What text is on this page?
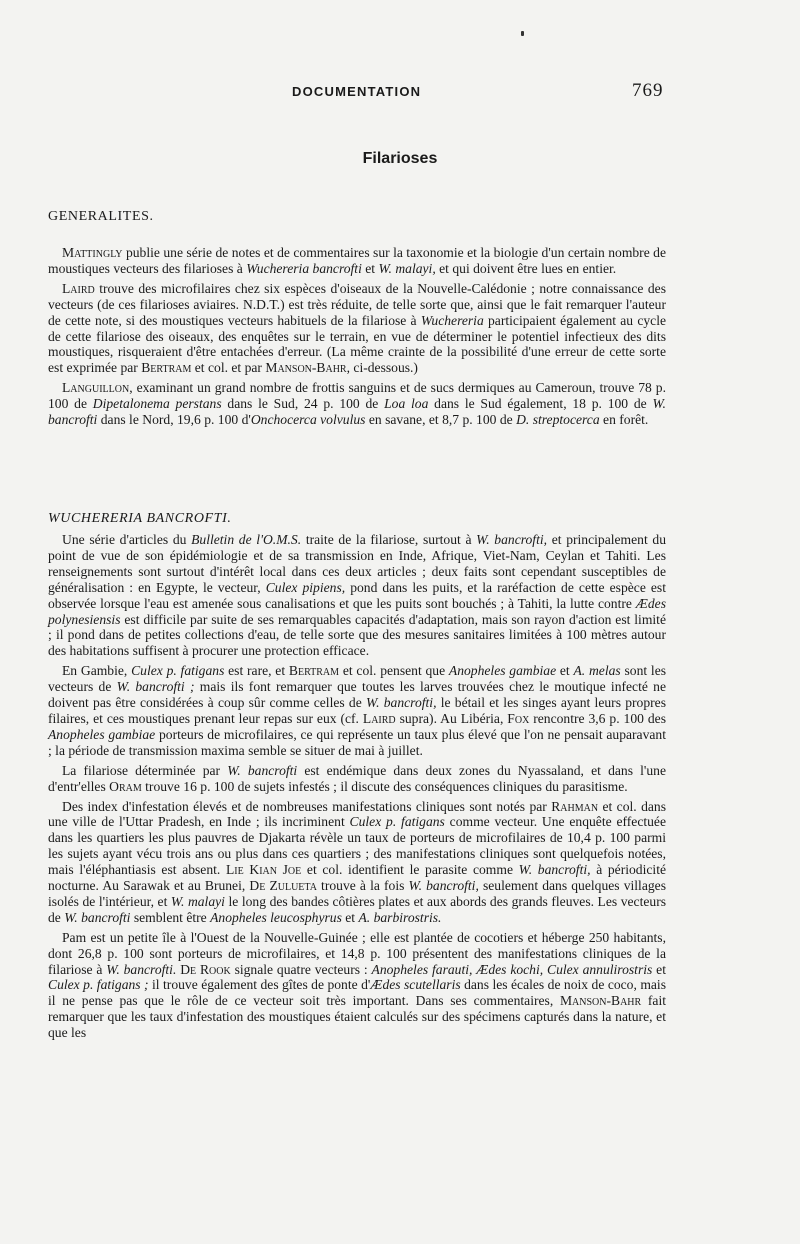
DOCUMENTATION	769
Filarioses
GENERALITES.

Mattingly publie une série de notes et de commentaires sur la taxonomie et la biologie d'un certain nombre de moustiques vecteurs des filarioses à Wuchereria bancrofti et W. malayi, et qui doivent être lues en entier.

Laird trouve des microfilaires chez six espèces d'oiseaux de la Nouvelle-Calédonie ; notre connaissance des vecteurs (de ces filarioses aviaires. N.D.T.) est très réduite, de telle sorte que, ainsi que le fait remarquer l'auteur de cette note, si des moustiques vecteurs habituels de la filariose à Wuchereria participaient également au cycle de cette filariose des oiseaux, des enquêtes sur le terrain, en vue de déterminer le potentiel infectieux des dits moustiques, risqueraient d'être entachées d'erreur. (La même crainte de la possibilité d'une erreur de cette sorte est exprimée par Bertram et col. et par Manson-Bahr, ci-dessous.)

Languillon, examinant un grand nombre de frottis sanguins et de sucs dermiques au Cameroun, trouve 78 p. 100 de Dipetalonema perstans dans le Sud, 24 p. 100 de Loa loa dans le Sud également, 18 p. 100 de W. bancrofti dans le Nord, 19,6 p. 100 d'Onchocerca volvulus en savane, et 8,7 p. 100 de D. streptocerca en forêt.

WUCHERERIA BANCROFTI.

Une série d'articles du Bulletin de l'O.M.S. traite de la filariose, surtout à W. bancrofti, et principalement du point de vue de son épidémiologie et de sa transmission en Inde, Afrique, Viet-Nam, Ceylan et Tahiti. Les renseignements sont surtout d'intérêt local dans ces deux articles ; deux faits sont cependant susceptibles de généralisation : en Egypte, le vecteur, Culex pipiens, pond dans les puits, et la raréfaction de cette espèce est observée lorsque l'eau est amenée sous canalisations et que les puits sont bouchés ; à Tahiti, la lutte contre Ædes polynesiensis est difficile par suite de ses remarquables capacités d'adaptation, mais son rayon d'action est limité ; il pond dans de petites collections d'eau, de telle sorte que des mesures sanitaires limitées à 100 mètres autour des habitations suffisent à procurer une protection efficace.

En Gambie, Culex p. fatigans est rare, et Bertram et col. pensent que Anopheles gambiae et A. melas sont les vecteurs de W. bancrofti ; mais ils font remarquer que toutes les larves trouvées chez le moutique infecté ne doivent pas être considérées à coup sûr comme celles de W. bancrofti, le bétail et les singes ayant leurs propres filaires, et ces moustiques prenant leur repas sur eux (cf. Laird supra). Au Libéria, Fox rencontre 3,6 p. 100 des Anopheles gambiae porteurs de microfilaires, ce qui représente un taux plus élevé que l'on ne pensait auparavant ; la période de transmission maxima semble se situer de mai à juillet.

La filariose déterminée par W. bancrofti est endémique dans deux zones du Nyassaland, et dans l'une d'entr'elles Oram trouve 16 p. 100 de sujets infestés ; il discute des conséquences cliniques du parasitisme.

Des index d'infestation élevés et de nombreuses manifestations cliniques sont notés par Rahman et col. dans une ville de l'Uttar Pradesh, en Inde ; ils incriminent Culex p. fatigans comme vecteur. Une enquête effectuée dans les quartiers les plus pauvres de Djakarta révèle un taux de porteurs de microfilaires de 10,4 p. 100 parmi les sujets ayant vécu trois ans ou plus dans ces quartiers ; des manifestations cliniques sont quelquefois notées, mais l'éléphantiasis est absent. Lie Kian Joe et col. identifient le parasite comme W. bancrofti, à périodicité nocturne. Au Sarawak et au Brunei, De Zulueta trouve à la fois W. bancrofti, seulement dans quelques villages isolés de l'intérieur, et W. malayi le long des bandes côtières plates et aux abords des grands fleuves. Les vecteurs de W. bancrofti semblent être Anopheles leucosphyrus et A. barbirostris.

Pam est un petite île à l'Ouest de la Nouvelle-Guinée ; elle est plantée de cocotiers et héberge 250 habitants, dont 26,8 p. 100 sont porteurs de microfilaires, et 14,8 p. 100 présentent des manifestations cliniques de la filariose à W. bancrofti. De Rook signale quatre vecteurs : Anopheles farauti, Ædes kochi, Culex annulirostris et Culex p. fatigans ; il trouve également des gîtes de ponte d'Ædes scutellaris dans les écales de noix de coco, mais il ne pense pas que le rôle de ce vecteur soit très important. Dans ses commentaires, Manson-Bahr fait remarquer que les taux d'infestation des moustiques étaient calculés sur des spécimens capturés dans la nature, et que les
